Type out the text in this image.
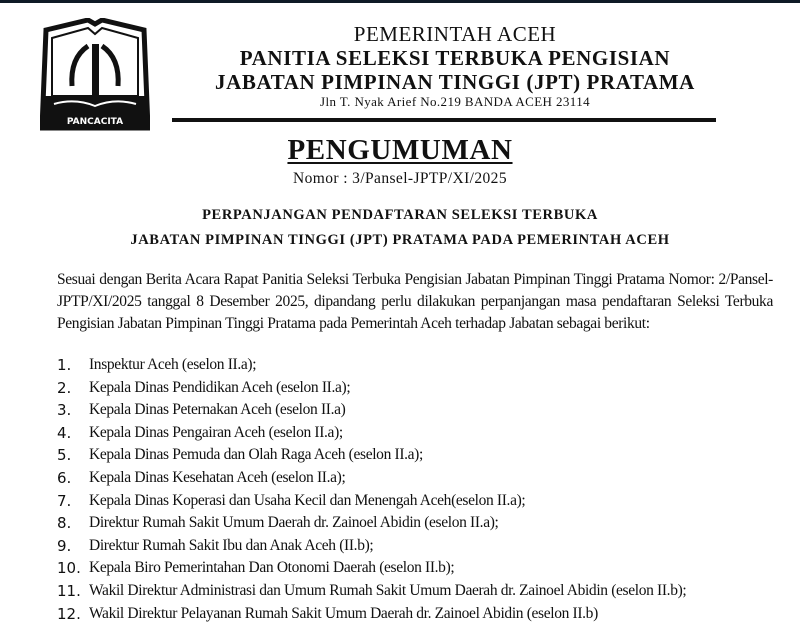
PANCACITA
PEMERINTAH ACEH
PANITIA SELEKSI TERBUKA PENGISIAN
JABATAN PIMPINAN TINGGI (JPT) PRATAMA
Jln T. Nyak Arief No.219 BANDA ACEH 23114
PENGUMUMAN
Nomor : 3/Pansel-JPTP/XI/2025
PERPANJANGAN PENDAFTARAN SELEKSI TERBUKA
JABATAN PIMPINAN TINGGI (JPT) PRATAMA PADA PEMERINTAH ACEH

Sesuai dengan Berita Acara Rapat Panitia Seleksi Terbuka Pengisian Jabatan Pimpinan Tinggi Pratama Nomor: 2/Pansel-JPTP/XI/2025 tanggal 8 Desember 2025, dipandang perlu dilakukan perpanjangan masa pendaftaran Seleksi Terbuka Pengisian Jabatan Pimpinan Tinggi Pratama pada Pemerintah Aceh terhadap Jabatan sebagai berikut:

1.	Inspektur Aceh (eselon II.a);
2.	Kepala Dinas Pendidikan Aceh (eselon II.a);
3.	Kepala Dinas Peternakan Aceh (eselon II.a)
4.	Kepala Dinas Pengairan Aceh (eselon II.a);
5.	Kepala Dinas Pemuda dan Olah Raga Aceh (eselon II.a);
6.	Kepala Dinas Kesehatan Aceh (eselon II.a);
7.	Kepala Dinas Koperasi dan Usaha Kecil dan Menengah Aceh(eselon II.a);
8.	Direktur Rumah Sakit Umum Daerah dr. Zainoel Abidin (eselon II.a);
9.	Direktur Rumah Sakit Ibu dan Anak Aceh (II.b);
10. Kepala Biro Pemerintahan Dan Otonomi Daerah (eselon II.b);
11. Wakil Direktur Administrasi dan Umum Rumah Sakit Umum Daerah dr. Zainoel Abidin (eselon II.b);
12. Wakil Direktur Pelayanan Rumah Sakit Umum Daerah dr. Zainoel Abidin (eselon II.b)
